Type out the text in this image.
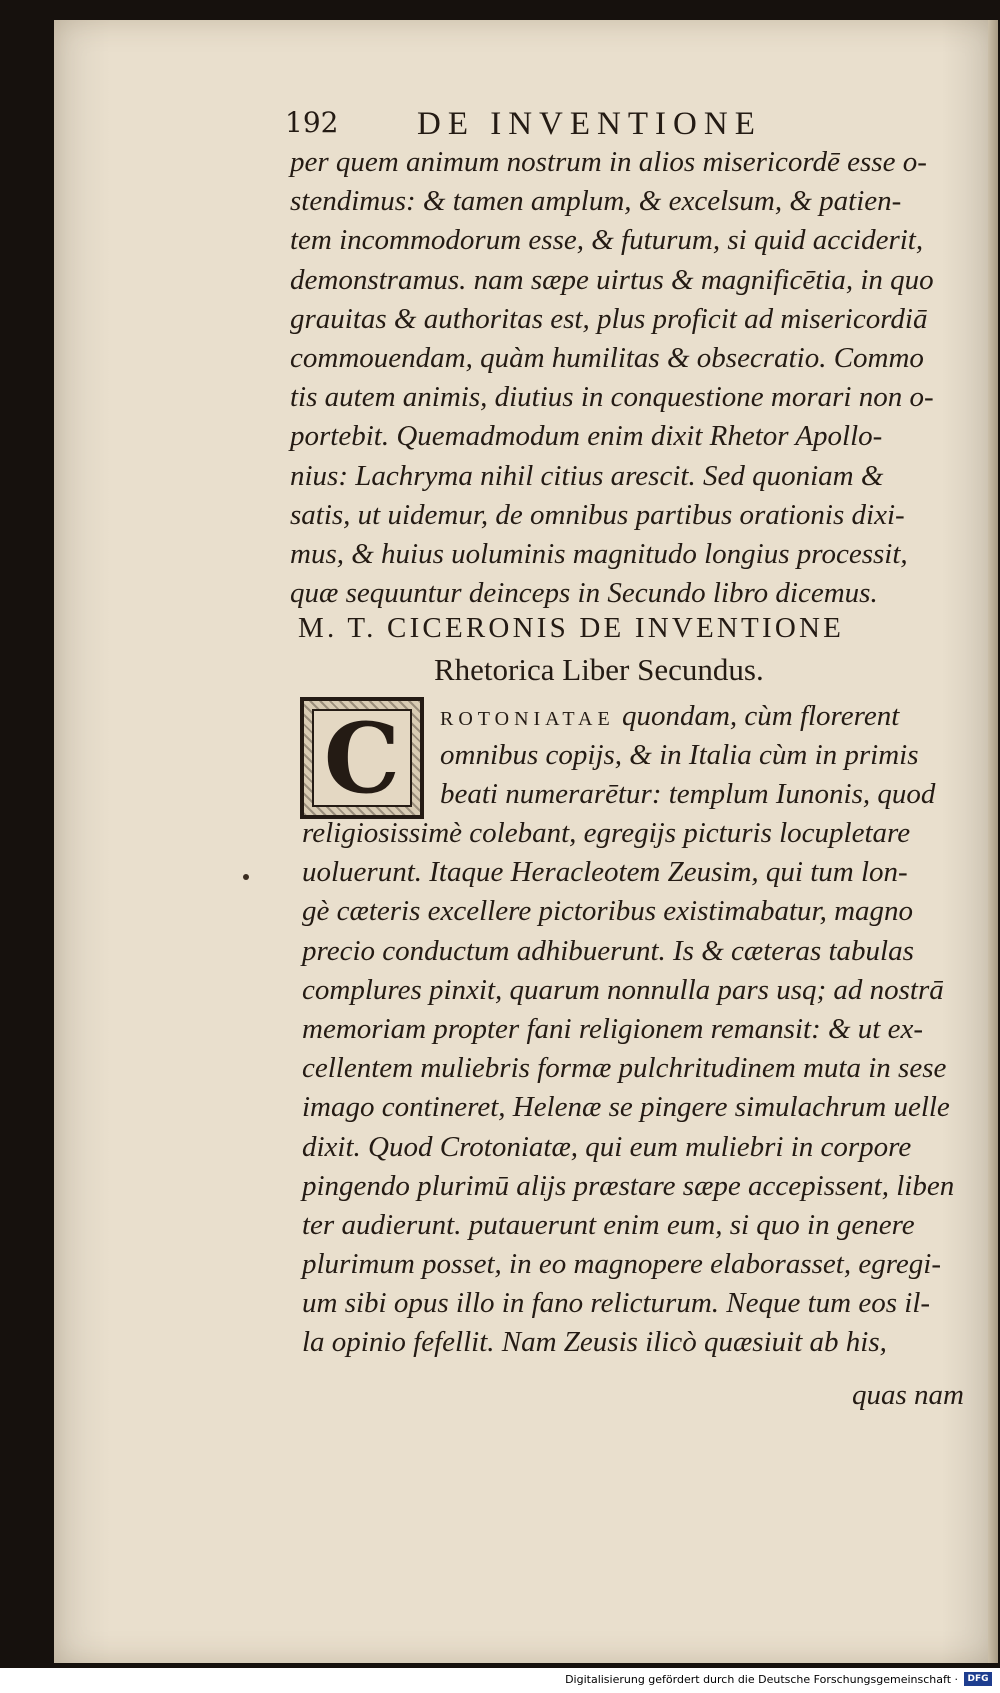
192 DE INVENTIONE
per quem animum nostrum in alios misericordē esse o-
stendimus: & tamen amplum, & excelsum, & patien-
tem incommodorum esse, & futurum, si quid acciderit,
demonstramus. nam sæpe uirtus & magnificētia, in quo
grauitas & authoritas est, plus proficit ad misericordiā
commouendam, quàm humilitas & obsecratio. Commo
tis autem animis, diutius in conquestione morari non o-
portebit. Quemadmodum enim dixit Rhetor Apollo-
nius: Lachryma nihil citius arescit. Sed quoniam &
satis, ut uidemur, de omnibus partibus orationis dixi-
mus, & huius uoluminis magnitudo longius processit,
quæ sequuntur deinceps in Secundo libro dicemus.
M. T. CICERONIS DE INVENTIONE
Rhetorica Liber Secundus.
C	ROTONIATAE quondam, cùm florerent
omnibus copijs, & in Italia cùm in primis
beati numerarētur: templum Iunonis, quod
religiosissimè colebant, egregijs picturis locupletare
uoluerunt. Itaque Heracleotem Zeusim, qui tum lon-
gè cæteris excellere pictoribus existimabatur, magno
precio conductum adhibuerunt. Is & cæteras tabulas
complures pinxit, quarum nonnulla pars usq; ad nostrā
memoriam propter fani religionem remansit: & ut ex-
cellentem muliebris formæ pulchritudinem muta in sese
imago contineret, Helenæ se pingere simulachrum uelle
dixit. Quod Crotoniatæ, qui eum muliebri in corpore
pingendo plurimū alijs præstare sæpe accepissent, liben
ter audierunt. putauerunt enim eum, si quo in genere
plurimum posset, in eo magnopere elaborasset, egregi-
um sibi opus illo in fano relicturum. Neque tum eos il-
la opinio fefellit. Nam Zeusis ilicò quæsiuit ab his,
quas nam
Digitalisierung gefördert durch die Deutsche Forschungsgemeinschaft ·	DFG
